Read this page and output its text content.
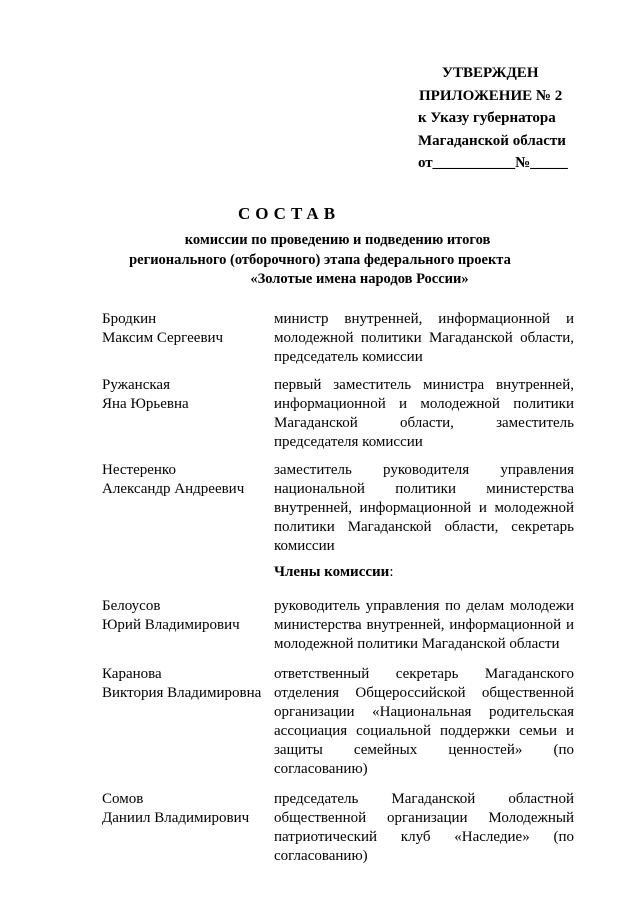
УТВЕРЖДЕН
ПРИЛОЖЕНИЕ № 2
к Указу губернатора
Магаданской области
от___________№_____
СОСТАВ
комиссии по проведению и подведению итогов
регионального (отборочного) этапа федерального проекта
«Золотые имена народов России»
Бродкин
Максим Сергеевич
министр внутренней, информационной и молодежной политики Магаданской области, председатель комиссии
Ружанская
Яна Юрьевна
первый заместитель министра внутренней, информационной и молодежной политики Магаданской области, заместитель председателя комиссии
Нестеренко
Александр Андреевич
заместитель руководителя управления национальной политики министерства внутренней, информационной и молодежной политики Магаданской области, секретарь комиссии
Члены комиссии:
Белоусов
Юрий Владимирович
руководитель управления по делам молодежи министерства внутренней, информационной и молодежной политики Магаданской области
Каранова
Виктория Владимировна
ответственный секретарь Магаданского отделения Общероссийской общественной организации «Национальная родительская ассоциация социальной поддержки семьи и защиты семейных ценностей» (по согласованию)
Сомов
Даниил Владимирович
председатель Магаданской областной общественной организации Молодежный патриотический клуб «Наследие» (по согласованию)
